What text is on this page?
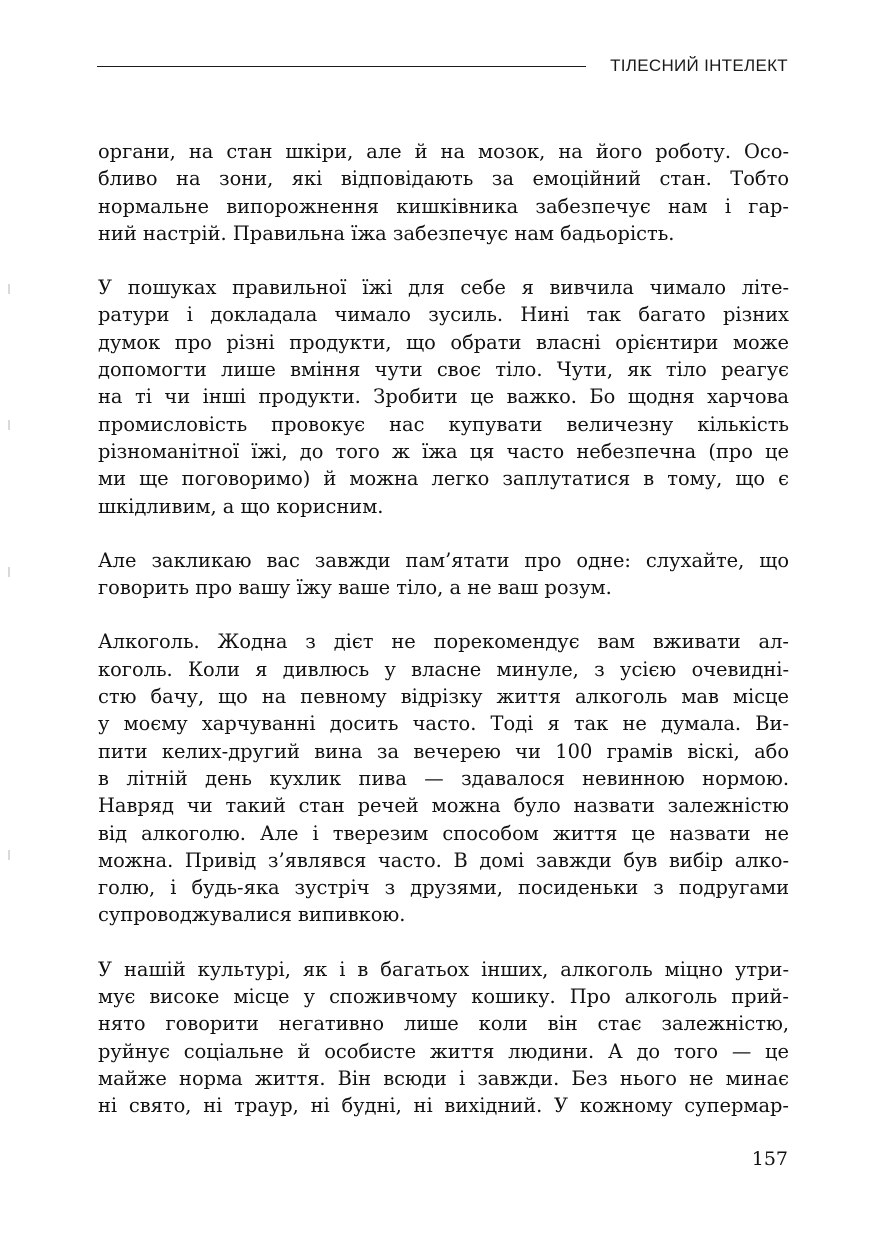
ТІЛЕСНИЙ ІНТЕЛЕКТ
органи, на стан шкіри, але й на мозок, на його роботу. Осо-
бливо на зони, які відповідають за емоційний стан. Тобто
нормальне випорожнення кишківника забезпечує нам і гар-
ний настрій. Правильна їжа забезпечує нам бадьорість.
У пошуках правильної їжі для себе я вивчила чимало літе-
ратури і докладала чимало зусиль. Нині так багато різних
думок про різні продукти, що обрати власні орієнтири може
допомогти лише вміння чути своє тіло. Чути, як тіло реагує
на ті чи інші продукти. Зробити це важко. Бо щодня харчова
промисловість провокує нас купувати величезну кількість
різноманітної їжі, до того ж їжа ця часто небезпечна (про це
ми ще поговоримо) й можна легко заплутатися в тому, що є
шкідливим, а що корисним.
Але закликаю вас завжди пам’ятати про одне: слухайте, що
говорить про вашу їжу ваше тіло, а не ваш розум.
Алкоголь. Жодна з дієт не порекомендує вам вживати ал-
коголь. Коли я дивлюсь у власне минуле, з усією очевидні-
стю бачу, що на певному відрізку життя алкоголь мав місце
у моєму харчуванні досить часто. Тоді я так не думала. Ви-
пити келих-другий вина за вечерею чи 100 грамів віскі, або
в літній день кухлик пива — здавалося невинною нормою.
Навряд чи такий стан речей можна було назвати залежністю
від алкоголю. Але і тверезим способом життя це назвати не
можна. Привід з’являвся часто. В домі завжди був вибір алко-
голю, і будь-яка зустріч з друзями, посиденьки з подругами
супроводжувалися випивкою.
У нашій культурі, як і в багатьох інших, алкоголь міцно утри-
мує високе місце у споживчому кошику. Про алкоголь прий-
нято говорити негативно лише коли він стає залежністю,
руйнує соціальне й особисте життя людини. А до того — це
майже норма життя. Він всюди і завжди. Без нього не минає
ні свято, ні траур, ні будні, ні вихідний. У кожному супермар-
157
